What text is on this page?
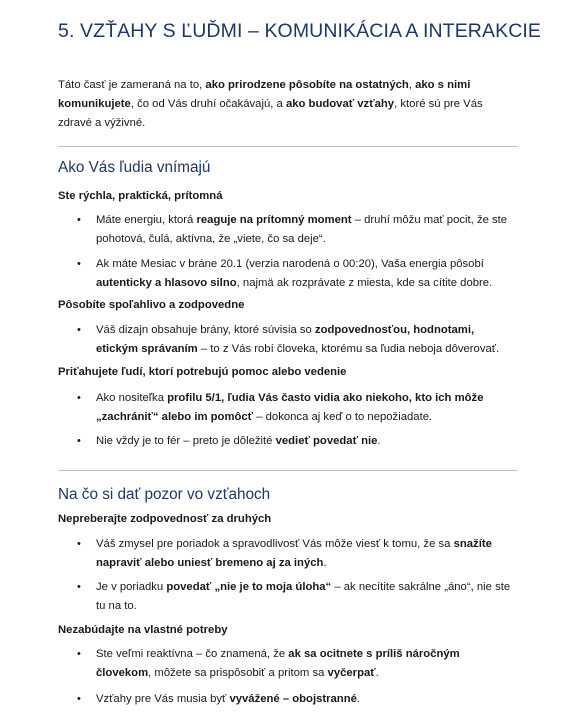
5. VZŤAHY S ĽUĎMI – KOMUNIKÁCIA A INTERAKCIE
Táto časť je zameraná na to, ako prirodzene pôsobíte na ostatných, ako s nimi komunikujete, čo od Vás druhí očakávajú, a ako budovať vzťahy, ktoré sú pre Vás zdravé a výživné.
Ako Vás ľudia vnímajú
Ste rýchla, praktická, prítomná
• Máte energiu, ktorá reaguje na prítomný moment – druhí môžu mať pocit, že ste pohotová, čulá, aktívna, že „viete, čo sa deje“.
• Ak máte Mesiac v bráne 20.1 (verzia narodená o 00:20), Vaša energia pôsobí autenticky a hlasovo silno, najmä ak rozprávate z miesta, kde sa cítite dobre.
Pôsobíte spoľahlivo a zodpovedne
• Váš dizajn obsahuje brány, ktoré súvisia so zodpovednosťou, hodnotami, etickým správaním – to z Vás robí človeka, ktorému sa ľudia neboja dôverovať.
Priťahujete ľudí, ktorí potrebujú pomoc alebo vedenie
• Ako nositeľka profilu 5/1, ľudia Vás často vidia ako niekoho, kto ich môže „zachrániť“ alebo im pomôcť – dokonca aj keď o to nepožiadate.
• Nie vždy je to fér – preto je dôležité vedieť povedať nie.
Na čo si dať pozor vo vzťahoch
Nepreberajte zodpovednosť za druhých
• Váš zmysel pre poriadok a spravodlivosť Vás môže viesť k tomu, že sa snažíte napraviť alebo uniesť bremeno aj za iných.
• Je v poriadku povedať „nie je to moja úloha“ – ak necítite sakrálne „áno“, nie ste tu na to.
Nezabúdajte na vlastné potreby
• Ste veľmi reaktívna – čo znamená, že ak sa ocitnete s príliš náročným človekom, môžete sa prispôsobiť a pritom sa vyčerpať.
• Vzťahy pre Vás musia byť vyvážené – obojstranné.
